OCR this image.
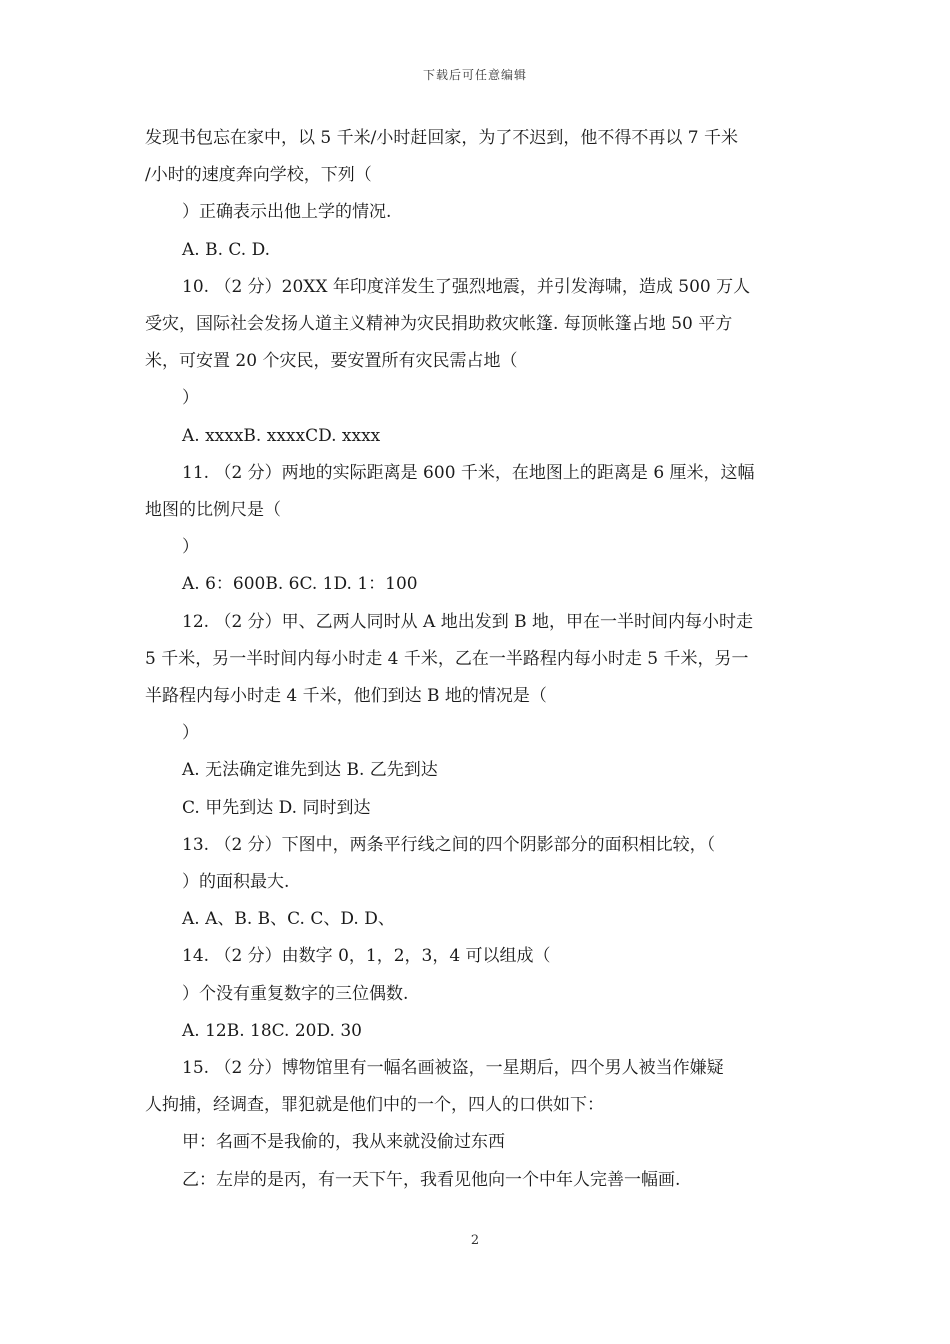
下载后可任意编辑

发现书包忘在家中，以 5 千米/小时赶回家，为了不迟到，他不得不再以 7 千米

/小时的速度奔向学校，下列（

）正确表示出他上学的情况.

A. B. C. D.

10. （2 分）20XX 年印度洋发生了强烈地震，并引发海啸，造成 500 万人

受灾，国际社会发扬人道主义精神为灾民捐助救灾帐篷. 每顶帐篷占地 50 平方

米，可安置 20 个灾民，要安置所有灾民需占地（

）

A. xxxxB. xxxxCD. xxxx

11. （2 分）两地的实际距离是 600 千米，在地图上的距离是 6 厘米，这幅

地图的比例尺是（

）

A. 6：600B. 6C. 1D. 1：100

12. （2 分）甲、乙两人同时从 A 地出发到 B 地，甲在一半时间内每小时走

5 千米，另一半时间内每小时走 4 千米，乙在一半路程内每小时走 5 千米，另一

半路程内每小时走 4 千米，他们到达 B 地的情况是（

）

A. 无法确定谁先到达 B. 乙先到达

C. 甲先到达 D. 同时到达

13. （2 分）下图中，两条平行线之间的四个阴影部分的面积相比较，（

）的面积最大.

A. A、B. B、C. C、D. D、

14. （2 分）由数字 0，1，2，3，4 可以组成（

）个没有重复数字的三位偶数.

A. 12B. 18C. 20D. 30

15. （2 分）博物馆里有一幅名画被盗，一星期后，四个男人被当作嫌疑

人拘捕，经调查，罪犯就是他们中的一个，四人的口供如下：

甲：名画不是我偷的，我从来就没偷过东西

乙：左岸的是丙，有一天下午，我看见他向一个中年人完善一幅画.

2
